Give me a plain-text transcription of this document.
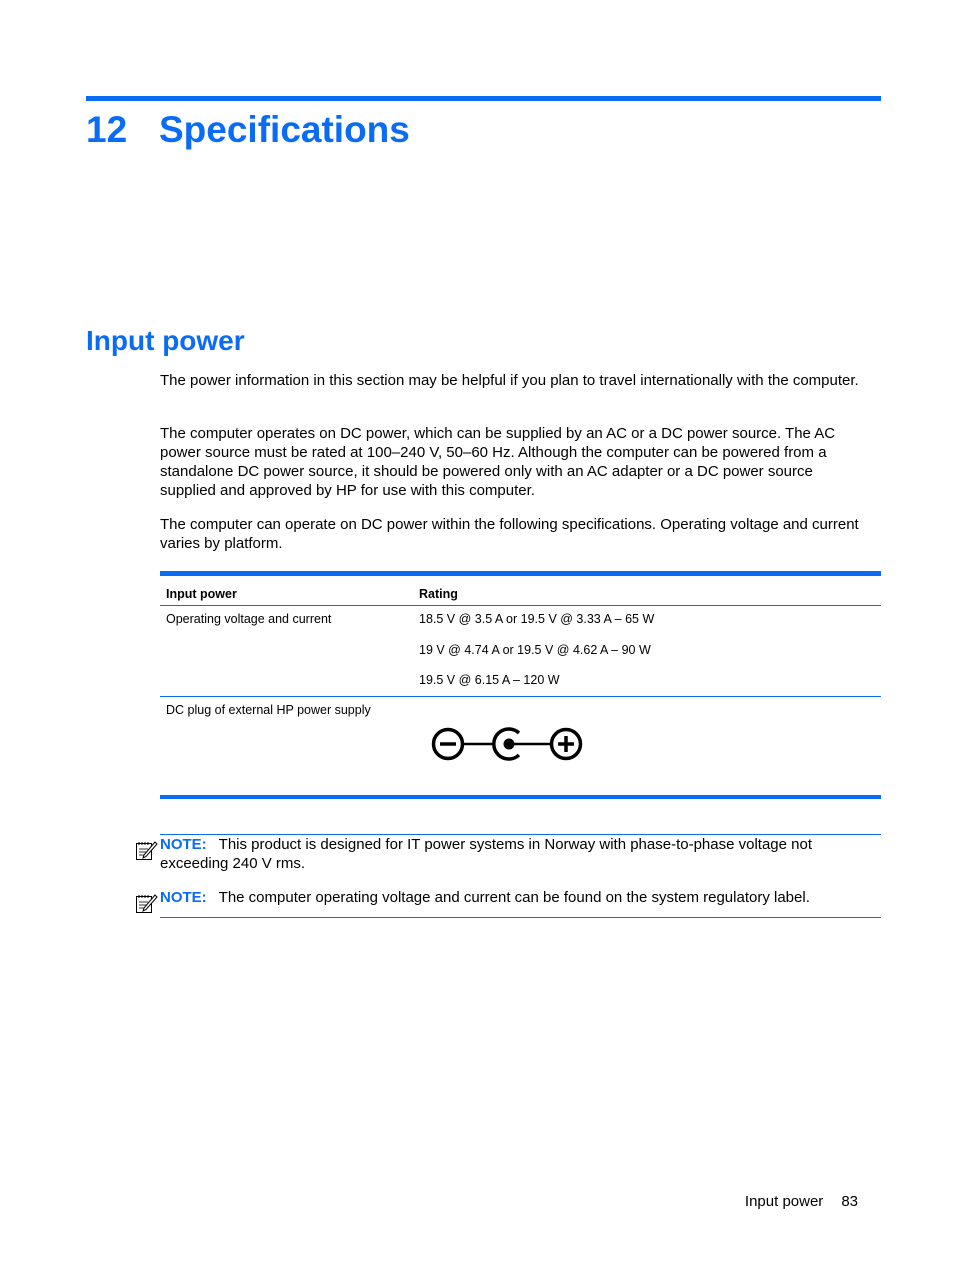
12 Specifications
Input power

The power information in this section may be helpful if you plan to travel internationally with the computer.

The computer operates on DC power, which can be supplied by an AC or a DC power source. The AC power source must be rated at 100–240 V, 50–60 Hz. Although the computer can be powered from a standalone DC power source, it should be powered only with an AC adapter or a DC power source supplied and approved by HP for use with this computer.

The computer can operate on DC power within the following specifications. Operating voltage and current varies by platform.

Input power	Rating
Operating voltage and current	18.5 V @ 3.5 A or 19.5 V @ 3.33 A – 65 W
19 V @ 4.74 A or 19.5 V @ 4.62 A – 90 W
19.5 V @ 6.15 A – 120 W
DC plug of external HP power supply

NOTE: This product is designed for IT power systems in Norway with phase-to-phase voltage not exceeding 240 V rms.

NOTE: The computer operating voltage and current can be found on the system regulatory label.

Input power 83
